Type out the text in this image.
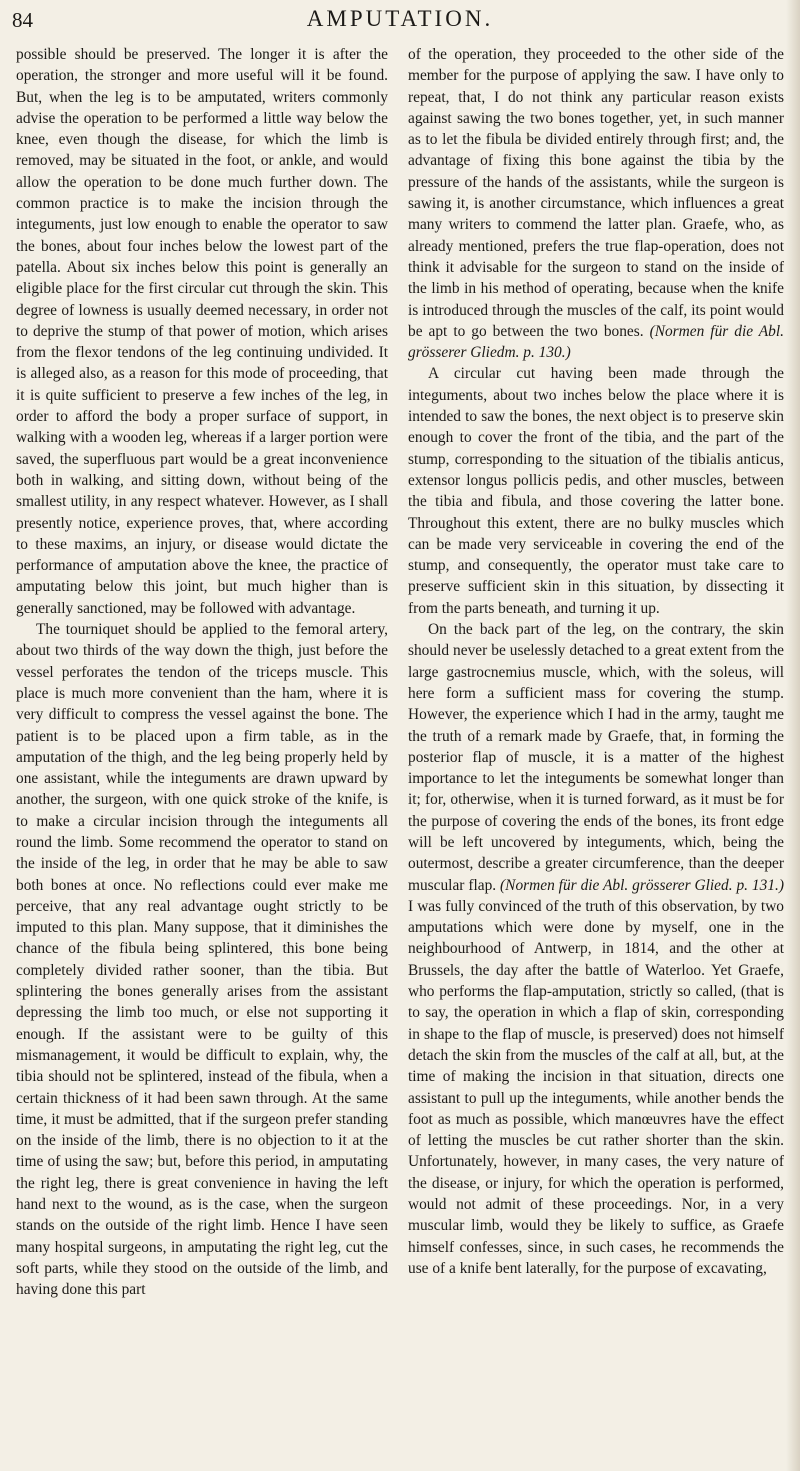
84	AMPUTATION.

possible should be preserved. The longer it is after the operation, the stronger and more useful will it be found. But, when the leg is to be amputated, writers commonly advise the operation to be performed a little way below the knee, even though the disease, for which the limb is removed, may be situated in the foot, or ankle, and would allow the operation to be done much further down. The common practice is to make the incision through the integuments, just low enough to enable the operator to saw the bones, about four inches below the lowest part of the patella. About six inches below this point is generally an eligible place for the first circular cut through the skin. This degree of lowness is usually deemed necessary, in order not to deprive the stump of that power of motion, which arises from the flexor tendons of the leg continuing undivided. It is alleged also, as a reason for this mode of proceeding, that it is quite sufficient to preserve a few inches of the leg, in order to afford the body a proper surface of support, in walking with a wooden leg, whereas if a larger portion were saved, the superfluous part would be a great inconvenience both in walking, and sitting down, without being of the smallest utility, in any respect whatever. However, as I shall presently notice, experience proves, that, where according to these maxims, an injury, or disease would dictate the performance of amputation above the knee, the practice of amputating below this joint, but much higher than is generally sanctioned, may be followed with advantage.

The tourniquet should be applied to the femoral artery, about two thirds of the way down the thigh, just before the vessel perforates the tendon of the triceps muscle. This place is much more convenient than the ham, where it is very difficult to compress the vessel against the bone. The patient is to be placed upon a firm table, as in the amputation of the thigh, and the leg being properly held by one assistant, while the integuments are drawn upward by another, the surgeon, with one quick stroke of the knife, is to make a circular incision through the integuments all round the limb. Some recommend the operator to stand on the inside of the leg, in order that he may be able to saw both bones at once. No reflections could ever make me perceive, that any real advantage ought strictly to be imputed to this plan. Many suppose, that it diminishes the chance of the fibula being splintered, this bone being completely divided rather sooner, than the tibia. But splintering the bones generally arises from the assistant depressing the limb too much, or else not supporting it enough. If the assistant were to be guilty of this mismanagement, it would be difficult to explain, why, the tibia should not be splintered, instead of the fibula, when a certain thickness of it had been sawn through. At the same time, it must be admitted, that if the surgeon prefer standing on the inside of the limb, there is no objection to it at the time of using the saw; but, before this period, in amputating the right leg, there is great convenience in having the left hand next to the wound, as is the case, when the surgeon stands on the outside of the right limb. Hence I have seen many hospital surgeons, in amputating the right leg, cut the soft parts, while they stood on the outside of the limb, and having done this part

of the operation, they proceeded to the other side of the member for the purpose of applying the saw. I have only to repeat, that, I do not think any particular reason exists against sawing the two bones together, yet, in such manner as to let the fibula be divided entirely through first; and, the advantage of fixing this bone against the tibia by the pressure of the hands of the assistants, while the surgeon is sawing it, is another circumstance, which influences a great many writers to commend the latter plan. Graefe, who, as already mentioned, prefers the true flap-operation, does not think it advisable for the surgeon to stand on the inside of the limb in his method of operating, because when the knife is introduced through the muscles of the calf, its point would be apt to go between the two bones. (Normen für die Abl. grösserer Gliedm. p. 130.)

A circular cut having been made through the integuments, about two inches below the place where it is intended to saw the bones, the next object is to preserve skin enough to cover the front of the tibia, and the part of the stump, corresponding to the situation of the tibialis anticus, extensor longus pollicis pedis, and other muscles, between the tibia and fibula, and those covering the latter bone. Throughout this extent, there are no bulky muscles which can be made very serviceable in covering the end of the stump, and consequently, the operator must take care to preserve sufficient skin in this situation, by dissecting it from the parts beneath, and turning it up.

On the back part of the leg, on the contrary, the skin should never be uselessly detached to a great extent from the large gastrocnemius muscle, which, with the soleus, will here form a sufficient mass for covering the stump. However, the experience which I had in the army, taught me the truth of a remark made by Graefe, that, in forming the posterior flap of muscle, it is a matter of the highest importance to let the integuments be somewhat longer than it; for, otherwise, when it is turned forward, as it must be for the purpose of covering the ends of the bones, its front edge will be left uncovered by integuments, which, being the outermost, describe a greater circumference, than the deeper muscular flap. (Normen für die Abl. grösserer Glied. p. 131.) I was fully convinced of the truth of this observation, by two amputations which were done by myself, one in the neighbourhood of Antwerp, in 1814, and the other at Brussels, the day after the battle of Waterloo. Yet Graefe, who performs the flap-amputation, strictly so called, (that is to say, the operation in which a flap of skin, corresponding in shape to the flap of muscle, is preserved) does not himself detach the skin from the muscles of the calf at all, but, at the time of making the incision in that situation, directs one assistant to pull up the integuments, while another bends the foot as much as possible, which manœuvres have the effect of letting the muscles be cut rather shorter than the skin. Unfortunately, however, in many cases, the very nature of the disease, or injury, for which the operation is performed, would not admit of these proceedings. Nor, in a very muscular limb, would they be likely to suffice, as Graefe himself confesses, since, in such cases, he recommends the use of a knife bent laterally, for the purpose of excavating,
